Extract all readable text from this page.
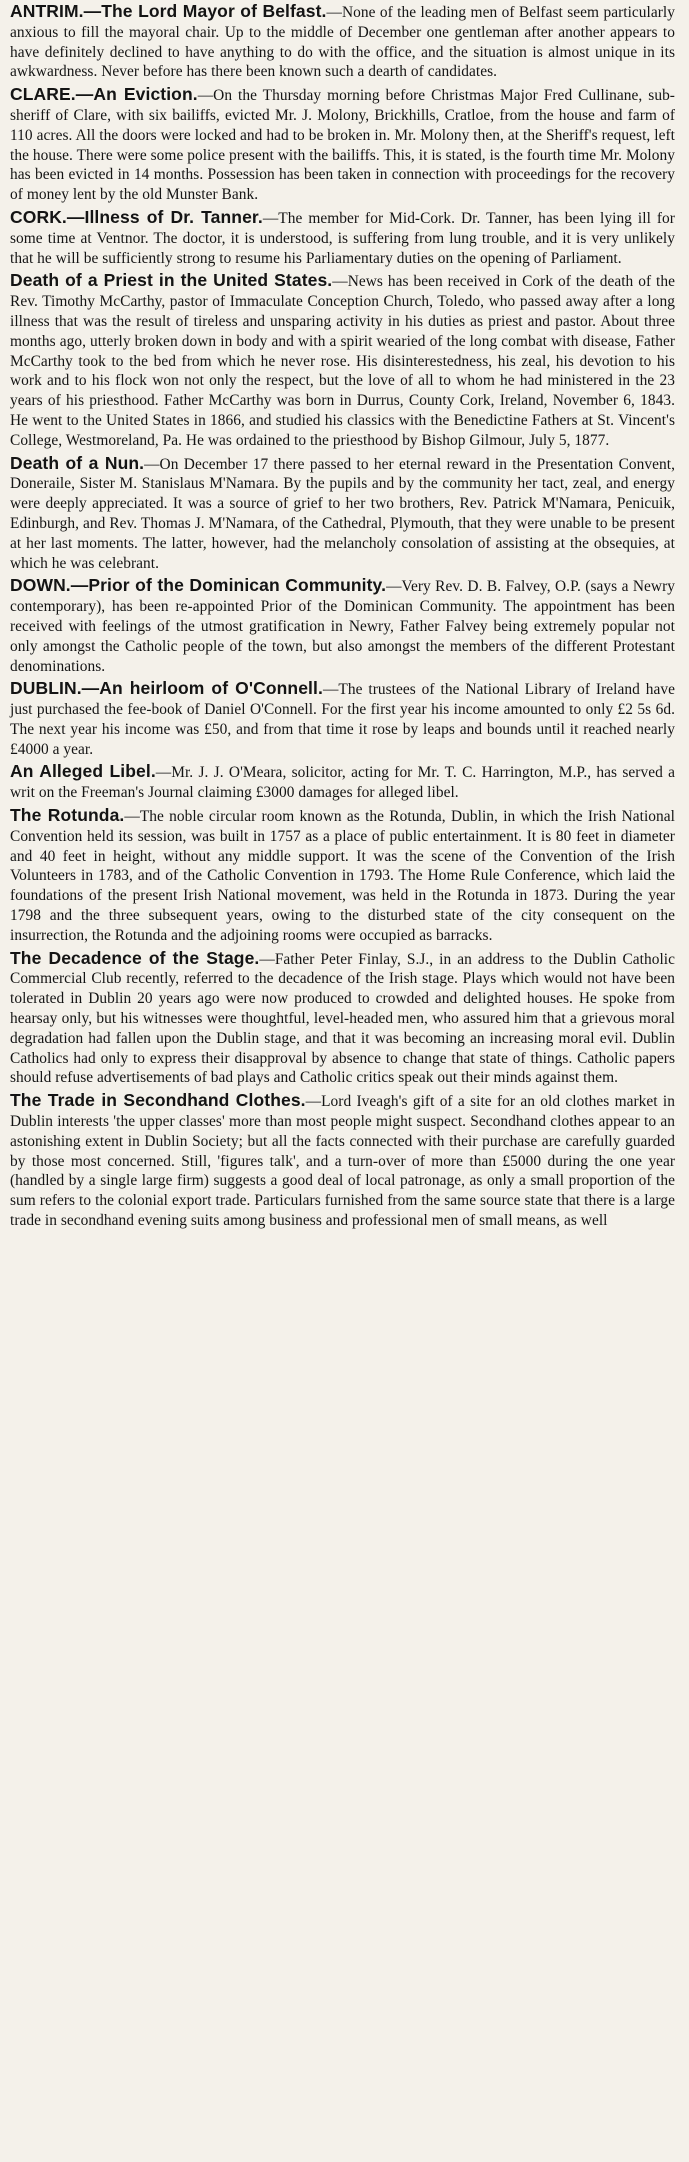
ANTRIM.—The Lord Mayor of Belfast.—None of the leading men of Belfast seem particularly anxious to fill the mayoral chair. Up to the middle of December one gentleman after another appears to have definitely declined to have anything to do with the office, and the situation is almost unique in its awkwardness. Never before has there been known such a dearth of candidates.

CLARE.—An Eviction.—On the Thursday morning before Christmas Major Fred Cullinane, sub-sheriff of Clare, with six bailiffs, evicted Mr. J. Molony, Brickhills, Cratloe, from the house and farm of 110 acres. All the doors were locked and had to be broken in. Mr. Molony then, at the Sheriff's request, left the house. There were some police present with the bailiffs. This, it is stated, is the fourth time Mr. Molony has been evicted in 14 months. Possession has been taken in connection with proceedings for the recovery of money lent by the old Munster Bank.

CORK.—Illness of Dr. Tanner.—The member for Mid-Cork. Dr. Tanner, has been lying ill for some time at Ventnor. The doctor, it is understood, is suffering from lung trouble, and it is very unlikely that he will be sufficiently strong to resume his Parliamentary duties on the opening of Parliament.

Death of a Priest in the United States.—News has been received in Cork of the death of the Rev. Timothy McCarthy, pastor of Immaculate Conception Church, Toledo, who passed away after a long illness that was the result of tireless and unsparing activity in his duties as priest and pastor. About three months ago, utterly broken down in body and with a spirit wearied of the long combat with disease, Father McCarthy took to the bed from which he never rose. His disinterestedness, his zeal, his devotion to his work and to his flock won not only the respect, but the love of all to whom he had ministered in the 23 years of his priesthood. Father McCarthy was born in Durrus, County Cork, Ireland, November 6, 1843. He went to the United States in 1866, and studied his classics with the Benedictine Fathers at St. Vincent's College, Westmoreland, Pa. He was ordained to the priesthood by Bishop Gilmour, July 5, 1877.

Death of a Nun.—On December 17 there passed to her eternal reward in the Presentation Convent, Doneraile, Sister M. Stanislaus M'Namara. By the pupils and by the community her tact, zeal, and energy were deeply appreciated. It was a source of grief to her two brothers, Rev. Patrick M'Namara, Penicuik, Edinburgh, and Rev. Thomas J. M'Namara, of the Cathedral, Plymouth, that they were unable to be present at her last moments. The latter, however, had the melancholy consolation of assisting at the obsequies, at which he was celebrant.

DOWN.—Prior of the Dominican Community.—Very Rev. D. B. Falvey, O.P. (says a Newry contemporary), has been re-appointed Prior of the Dominican Community. The appointment has been received with feelings of the utmost gratification in Newry, Father Falvey being extremely popular not only amongst the Catholic people of the town, but also amongst the members of the different Protestant denominations.

DUBLIN.—An heirloom of O'Connell.—The trustees of the National Library of Ireland have just purchased the fee-book of Daniel O'Connell. For the first year his income amounted to only £2 5s 6d. The next year his income was £50, and from that time it rose by leaps and bounds until it reached nearly £4000 a year.

An Alleged Libel.—Mr. J. J. O'Meara, solicitor, acting for Mr. T. C. Harrington, M.P., has served a writ on the Freeman's Journal claiming £3000 damages for alleged libel.

The Rotunda.—The noble circular room known as the Rotunda, Dublin, in which the Irish National Convention held its session, was built in 1757 as a place of public entertainment. It is 80 feet in diameter and 40 feet in height, without any middle support. It was the scene of the Convention of the Irish Volunteers in 1783, and of the Catholic Convention in 1793. The Home Rule Conference, which laid the foundations of the present Irish National movement, was held in the Rotunda in 1873. During the year 1798 and the three subsequent years, owing to the disturbed state of the city consequent on the insurrection, the Rotunda and the adjoining rooms were occupied as barracks.

The Decadence of the Stage.—Father Peter Finlay, S.J., in an address to the Dublin Catholic Commercial Club recently, referred to the decadence of the Irish stage. Plays which would not have been tolerated in Dublin 20 years ago were now produced to crowded and delighted houses. He spoke from hearsay only, but his witnesses were thoughtful, level-headed men, who assured him that a grievous moral degradation had fallen upon the Dublin stage, and that it was becoming an increasing moral evil. Dublin Catholics had only to express their disapproval by absence to change that state of things. Catholic papers should refuse advertisements of bad plays and Catholic critics speak out their minds against them.

The Trade in Secondhand Clothes.—Lord Iveagh's gift of a site for an old clothes market in Dublin interests 'the upper classes' more than most people might suspect. Secondhand clothes appear to an astonishing extent in Dublin Society; but all the facts connected with their purchase are carefully guarded by those most concerned. Still, 'figures talk', and a turn-over of more than £5000 during the one year (handled by a single large firm) suggests a good deal of local patronage, as only a small proportion of the sum refers to the colonial export trade. Particulars furnished from the same source state that there is a large trade in secondhand evening suits among business and professional men of small means, as well
